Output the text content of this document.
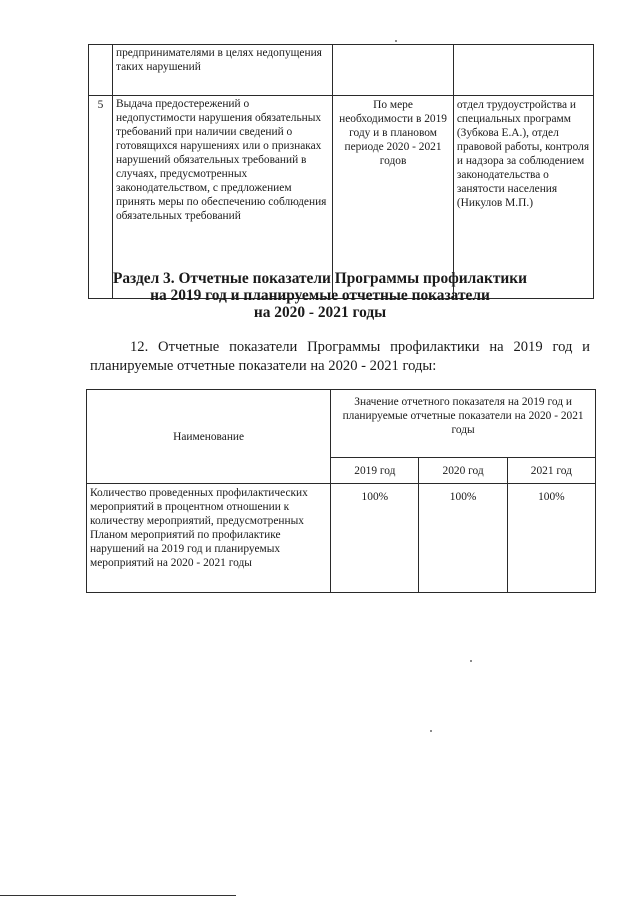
	предпринимателями в целях недопущения таких нарушений		
5	Выдача предостережений о недопустимости нарушения обязательных требований при наличии сведений о готовящихся нарушениях или о признаках нарушений обязательных требований в случаях, предусмотренных законодательством, с предложением принять меры по обеспечению соблюдения обязательных требований	По мере необходимости в 2019 году и в плановом периоде 2020 - 2021 годов	отдел трудоустройства и специальных программ (Зубкова Е.А.), отдел правовой работы, контроля и надзора за соблюдением законодательства о занятости населения (Никулов М.П.)
Раздел 3. Отчетные показатели Программы профилактики
на 2019 год и планируемые отчетные показатели
на 2020 - 2021 годы
12. Отчетные показатели Программы профилактики на 2019 год и
планируемые отчетные показатели на 2020 - 2021 годы:
Наименование	Значение отчетного показателя на 2019 год и планируемые отчетные показатели на 2020 - 2021 годы		
	2019 год	2020 год	2021 год
Количество проведенных профилактических мероприятий в процентном отношении к количеству мероприятий, предусмотренных Планом мероприятий по профилактике нарушений на 2019 год и планируемых мероприятий на 2020 - 2021 годы	100%	100%	100%
